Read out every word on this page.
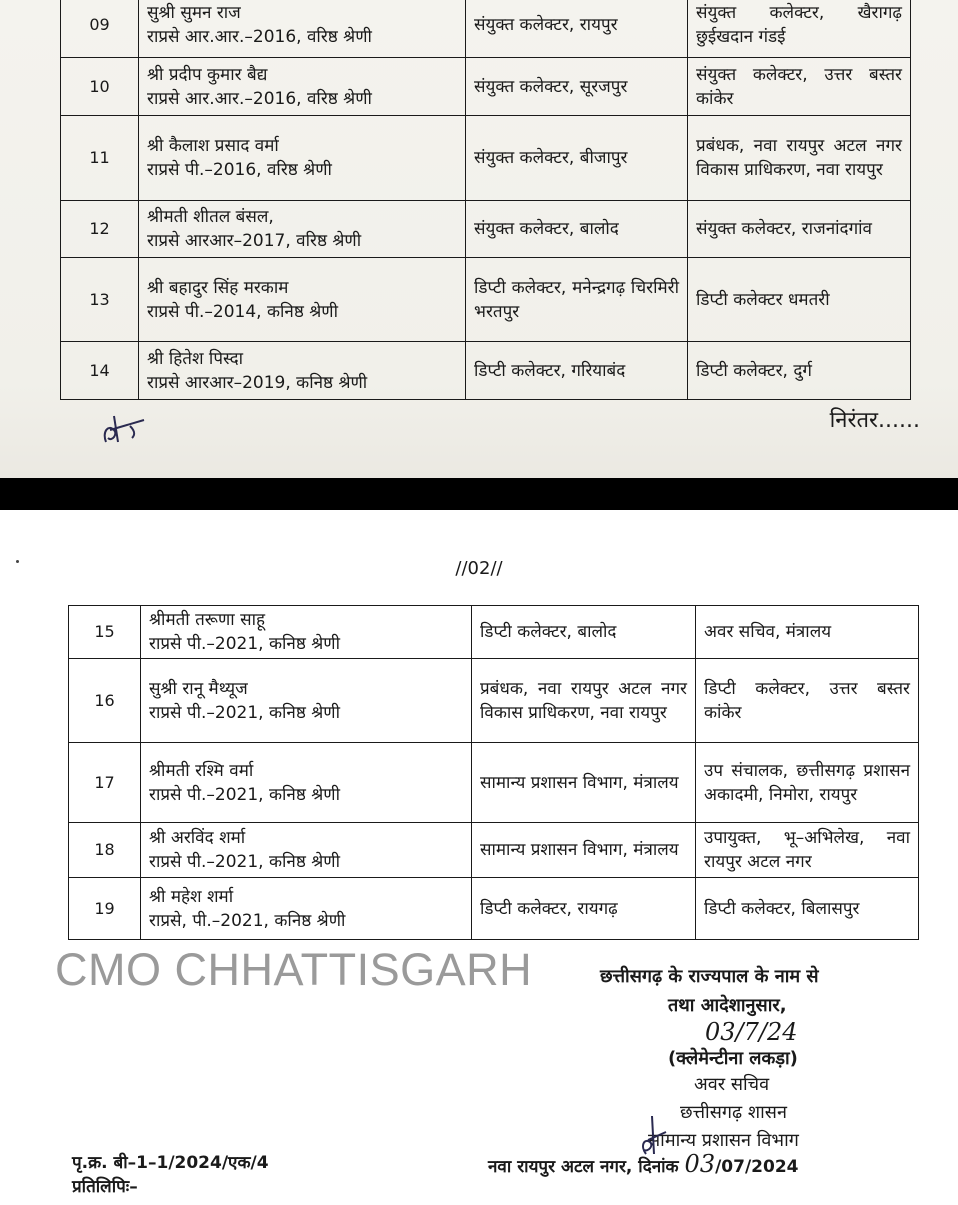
09	सुश्री सुमन राज
राप्रसे आर.आर.–2016, वरिष्ठ श्रेणी	संयुक्त कलेक्टर, रायपुर	संयुक्त कलेक्टर, खैरागढ़ छुईखदान गंडई
10	श्री प्रदीप कुमार बैद्य
राप्रसे आर.आर.–2016, वरिष्ठ श्रेणी	संयुक्त कलेक्टर, सूरजपुर	संयुक्त कलेक्टर, उत्तर बस्तर कांकेर
11	श्री कैलाश प्रसाद वर्मा
राप्रसे पी.–2016, वरिष्ठ श्रेणी	संयुक्त कलेक्टर, बीजापुर	प्रबंधक, नवा रायपुर अटल नगर विकास प्राधिकरण, नवा रायपुर
12	श्रीमती शीतल बंसल,
राप्रसे आरआर–2017, वरिष्ठ श्रेणी	संयुक्त कलेक्टर, बालोद	संयुक्त कलेक्टर, राजनांदगांव
13	श्री बहादुर सिंह मरकाम
राप्रसे पी.–2014, कनिष्ठ श्रेणी	डिप्टी कलेक्टर, मनेन्द्रगढ़ चिरमिरी भरतपुर	डिप्टी कलेक्टर धमतरी
14	श्री हितेश पिस्दा
राप्रसे आरआर–2019, कनिष्ठ श्रेणी	डिप्टी कलेक्टर, गरियाबंद	डिप्टी कलेक्टर, दुर्ग
निरंतर......
//02//
15	श्रीमती तरूणा साहू
राप्रसे पी.–2021, कनिष्ठ श्रेणी	डिप्टी कलेक्टर, बालोद	अवर सचिव, मंत्रालय
16	सुश्री रानू मैथ्यूज
राप्रसे पी.–2021, कनिष्ठ श्रेणी	प्रबंधक, नवा रायपुर अटल नगर विकास प्राधिकरण, नवा रायपुर	डिप्टी कलेक्टर, उत्तर बस्तर कांकेर
17	श्रीमती रश्मि वर्मा
राप्रसे पी.–2021, कनिष्ठ श्रेणी	सामान्य प्रशासन विभाग, मंत्रालय	उप संचालक, छत्तीसगढ़ प्रशासन अकादमी, निमोरा, रायपुर
18	श्री अरविंद शर्मा
राप्रसे पी.–2021, कनिष्ठ श्रेणी	सामान्य प्रशासन विभाग, मंत्रालय	उपायुक्त, भू–अभिलेख, नवा रायपुर अटल नगर
19	श्री महेश शर्मा
राप्रसे, पी.–2021, कनिष्ठ श्रेणी	डिप्टी कलेक्टर, रायगढ़	डिप्टी कलेक्टर, बिलासपुर
CMO CHHATTISGARH	छत्तीसगढ़ के राज्यपाल के नाम से
तथा आदेशानुसार,
03/7/24
(क्लेमेन्टीना लकड़ा)
अवर सचिव
छत्तीसगढ़ शासन
सामान्य प्रशासन विभाग
पृ.क्र. बी–1–1/2024/एक/4
प्रतिलिपिः–
नवा रायपुर अटल नगर, दिनांक 03/07/2024
